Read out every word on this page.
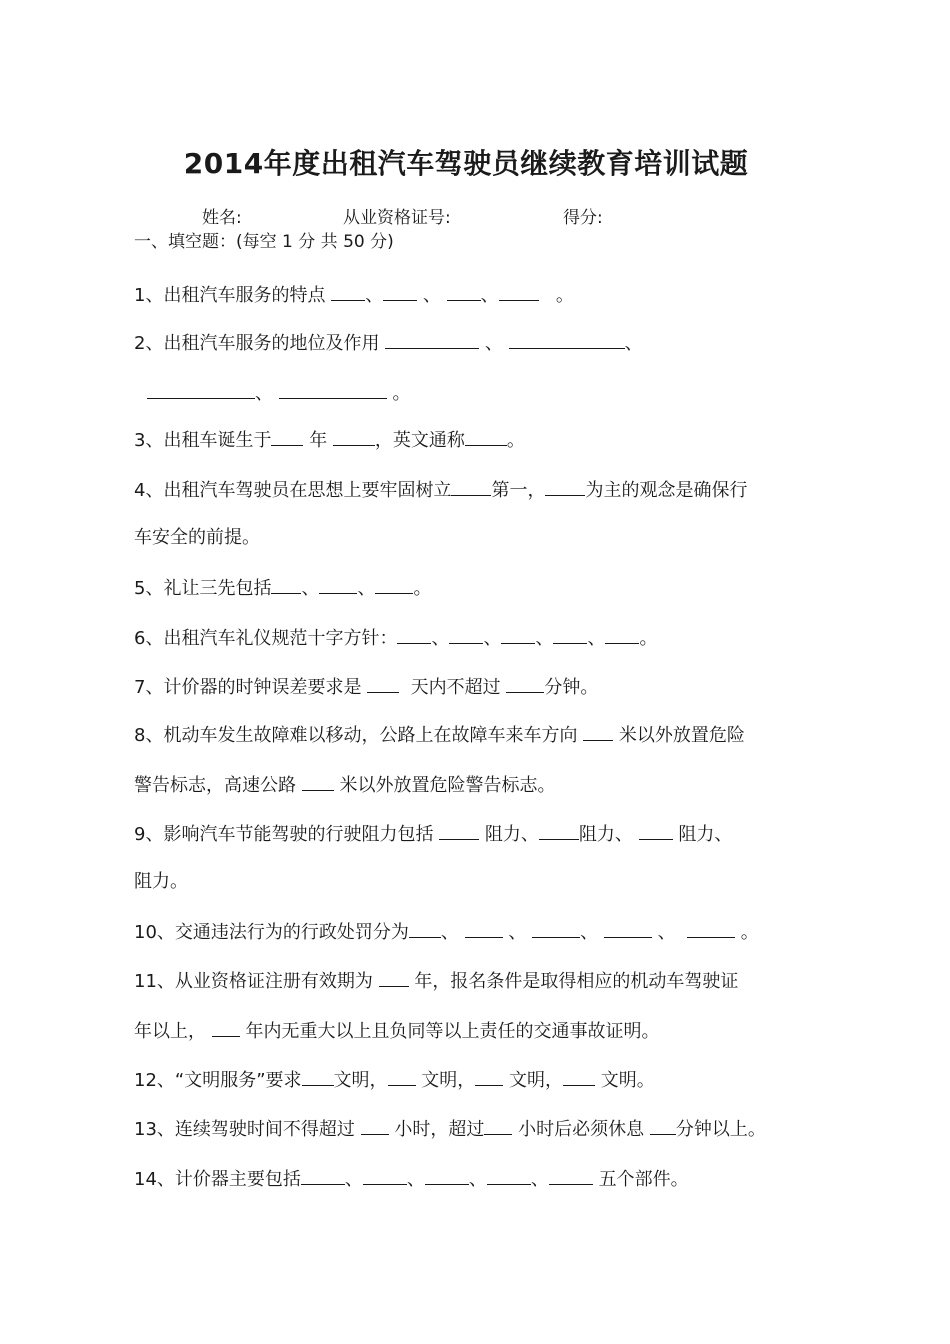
2014年度出租汽车驾驶员继续教育培训试题
姓名:	从业资格证号:	得分:
一、填空题：(每空 1 分 共 50 分)
1、出租汽车服务的特点 、 、 、	。
2、出租汽车服务的地位及作用	、	、
、	。
3、出租车诞生于 年	，英文通称 。
4、出租汽车驾驶员在思想上要牢固树立 第一， 为主的观念是确保行
车安全的前提。
5、礼让三先包括 、 、 。
6、出租汽车礼仪规范十字方针： 、 、 、 、 。
7、计价器的时钟误差要求是	天内不超过 分钟。
8、机动车发生故障难以移动，公路上在故障车来车方向 米以外放置危险
警告标志，高速公路 米以外放置危险警告标志。
9、影响汽车节能驾驶的行驶阻力包括	阻力、 阻力、	阻力、
阻力。
10、交通违法行为的行政处罚分为 、	、	、	、	。
11、从业资格证注册有效期为 年，报名条件是取得相应的机动车驾驶证
年以上， 年内无重大以上且负同等以上责任的交通事故证明。
12、“文明服务”要求 文明， 文明， 文明， 文明。
13、连续驾驶时间不得超过 小时，超过 小时后必须休息 分钟以上。
14、计价器主要包括 、 、 、 、	五个部件。
